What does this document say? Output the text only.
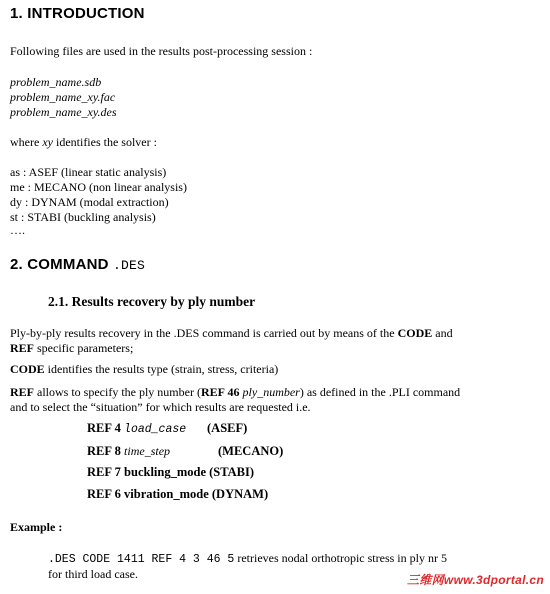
1. INTRODUCTION
Following files are used in the results post-processing session :
problem_name.sdb
problem_name_xy.fac
problem_name_xy.des
where xy identifies the solver :
as : ASEF (linear static analysis)
me : MECANO (non linear analysis)
dy : DYNAM (modal extraction)
st : STABI (buckling analysis)
….
2. COMMAND .DES
2.1. Results recovery by ply number
Ply-by-ply results recovery in the .DES command is carried out by means of the CODE and
REF specific parameters;
CODE identifies the results type (strain, stress, criteria)
REF allows to specify the ply number (REF 46 ply_number) as defined in the .PLI command
and to select the “situation” for which results are requested i.e.
REF 4 load_case (ASEF)
REF 8 time_step	(MECANO)
REF 7 buckling_mode (STABI)
REF 6 vibration_mode (DYNAM)
Example :
.DES CODE 1411 REF 4 3 46 5 retrieves nodal orthotropic stress in ply nr 5
for third load case.	三维网www.3dportal.cn
